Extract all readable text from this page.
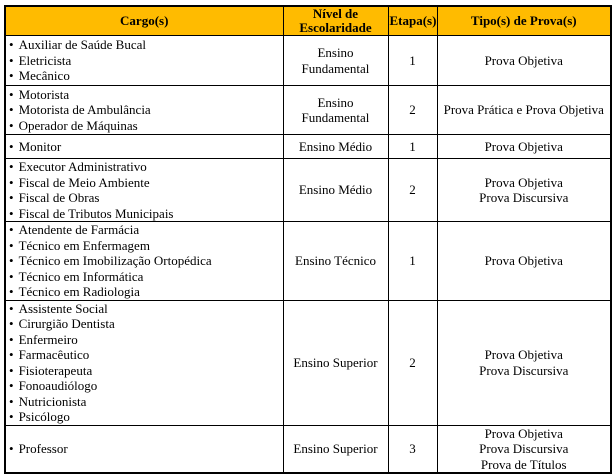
Cargo(s)	Nível de Escolaridade	Etapa(s)	Tipo(s) de Prova(s)

• Auxiliar de Saúde Bucal
• Eletricista
• Mecânico
	Ensino Fundamental	1	Prova Objetiva

• Motorista
• Motorista de Ambulância
• Operador de Máquinas
	Ensino Fundamental	2	Prova Prática e Prova Objetiva

• Monitor	Ensino Médio	1	Prova Objetiva

• Executor Administrativo
• Fiscal de Meio Ambiente
• Fiscal de Obras
• Fiscal de Tributos Municipais
	Ensino Médio	2	
Prova Objetiva
Prova Discursiva

• Atendente de Farmácia
• Técnico em Enfermagem
• Técnico em Imobilização Ortopédica
• Técnico em Informática
• Técnico em Radiologia
	Ensino Técnico	1	Prova Objetiva

• Assistente Social
• Cirurgião Dentista
• Enfermeiro
• Farmacêutico
• Fisioterapeuta
• Fonoaudiólogo
• Nutricionista
• Psicólogo
	Ensino Superior	2	
Prova Objetiva
Prova Discursiva

• Professor	Ensino Superior	3	
Prova Objetiva
Prova Discursiva
Prova de Títulos
